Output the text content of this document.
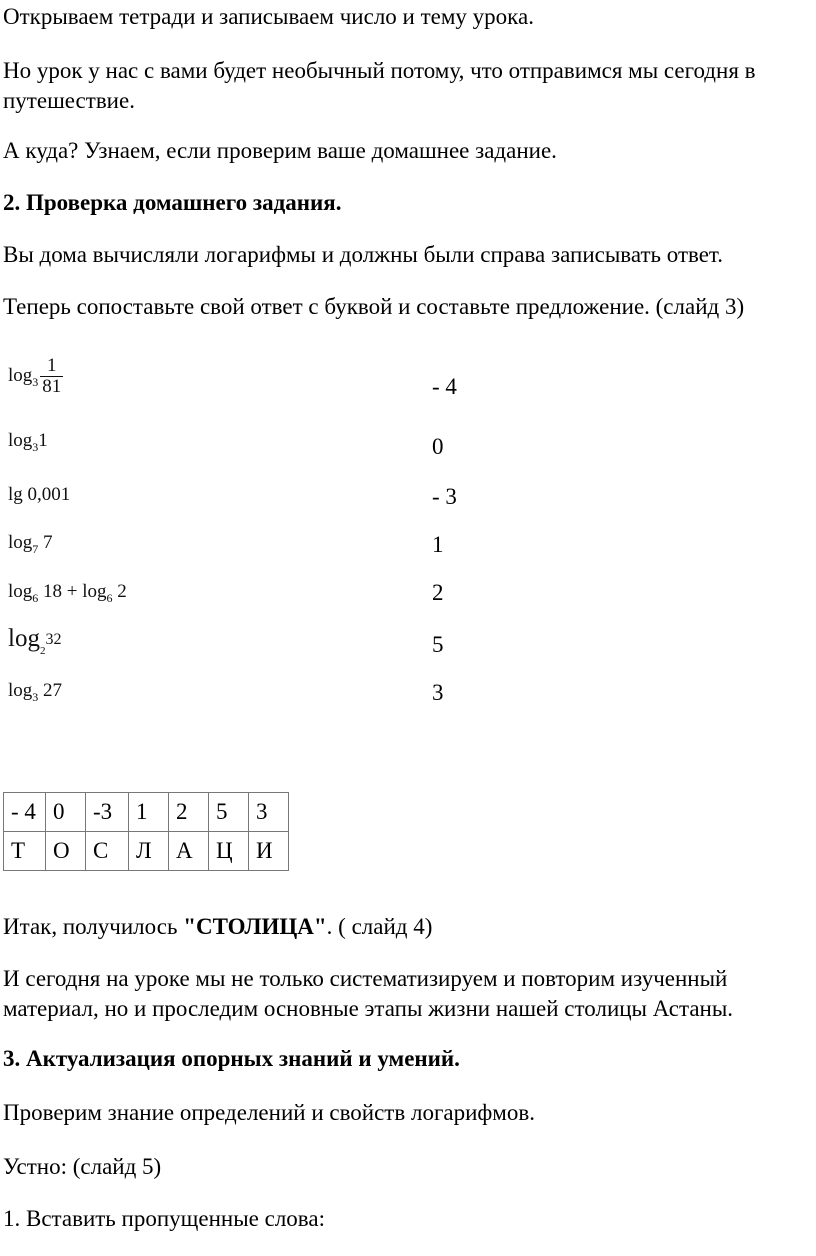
Открываем тетради и записываем число и тему урока.

Но урок у нас с вами будет необычный потому, что отправимся мы сегодня в путешествие.

А куда? Узнаем, если проверим ваше домашнее задание.

2. Проверка домашнего задания.

Вы дома вычисляли логарифмы и должны были справа записывать ответ.

Теперь сопоставьте свой ответ с буквой и составьте предложение. (слайд 3)

$\log_3 \frac{1}{81}$	- 4
$\log_31$	0
lg 0,001	- 3
$\log_7 7$	1
$\log_6 18 + \log_6 2$	2
$\log_232$	5
$\log_3 27$	3
- 4	0	-3	1	2	5	3
Т	О	С	Л	А	Ц	И

Итак, получилось "СТОЛИЦА". ( слайд 4)

И сегодня на уроке мы не только систематизируем и повторим изученный материал, но и проследим основные этапы жизни нашей столицы Астаны.

3. Актуализация опорных знаний и умений.

Проверим знание определений и свойств логарифмов.

Устно: (слайд 5)

1. Вставить пропущенные слова:
